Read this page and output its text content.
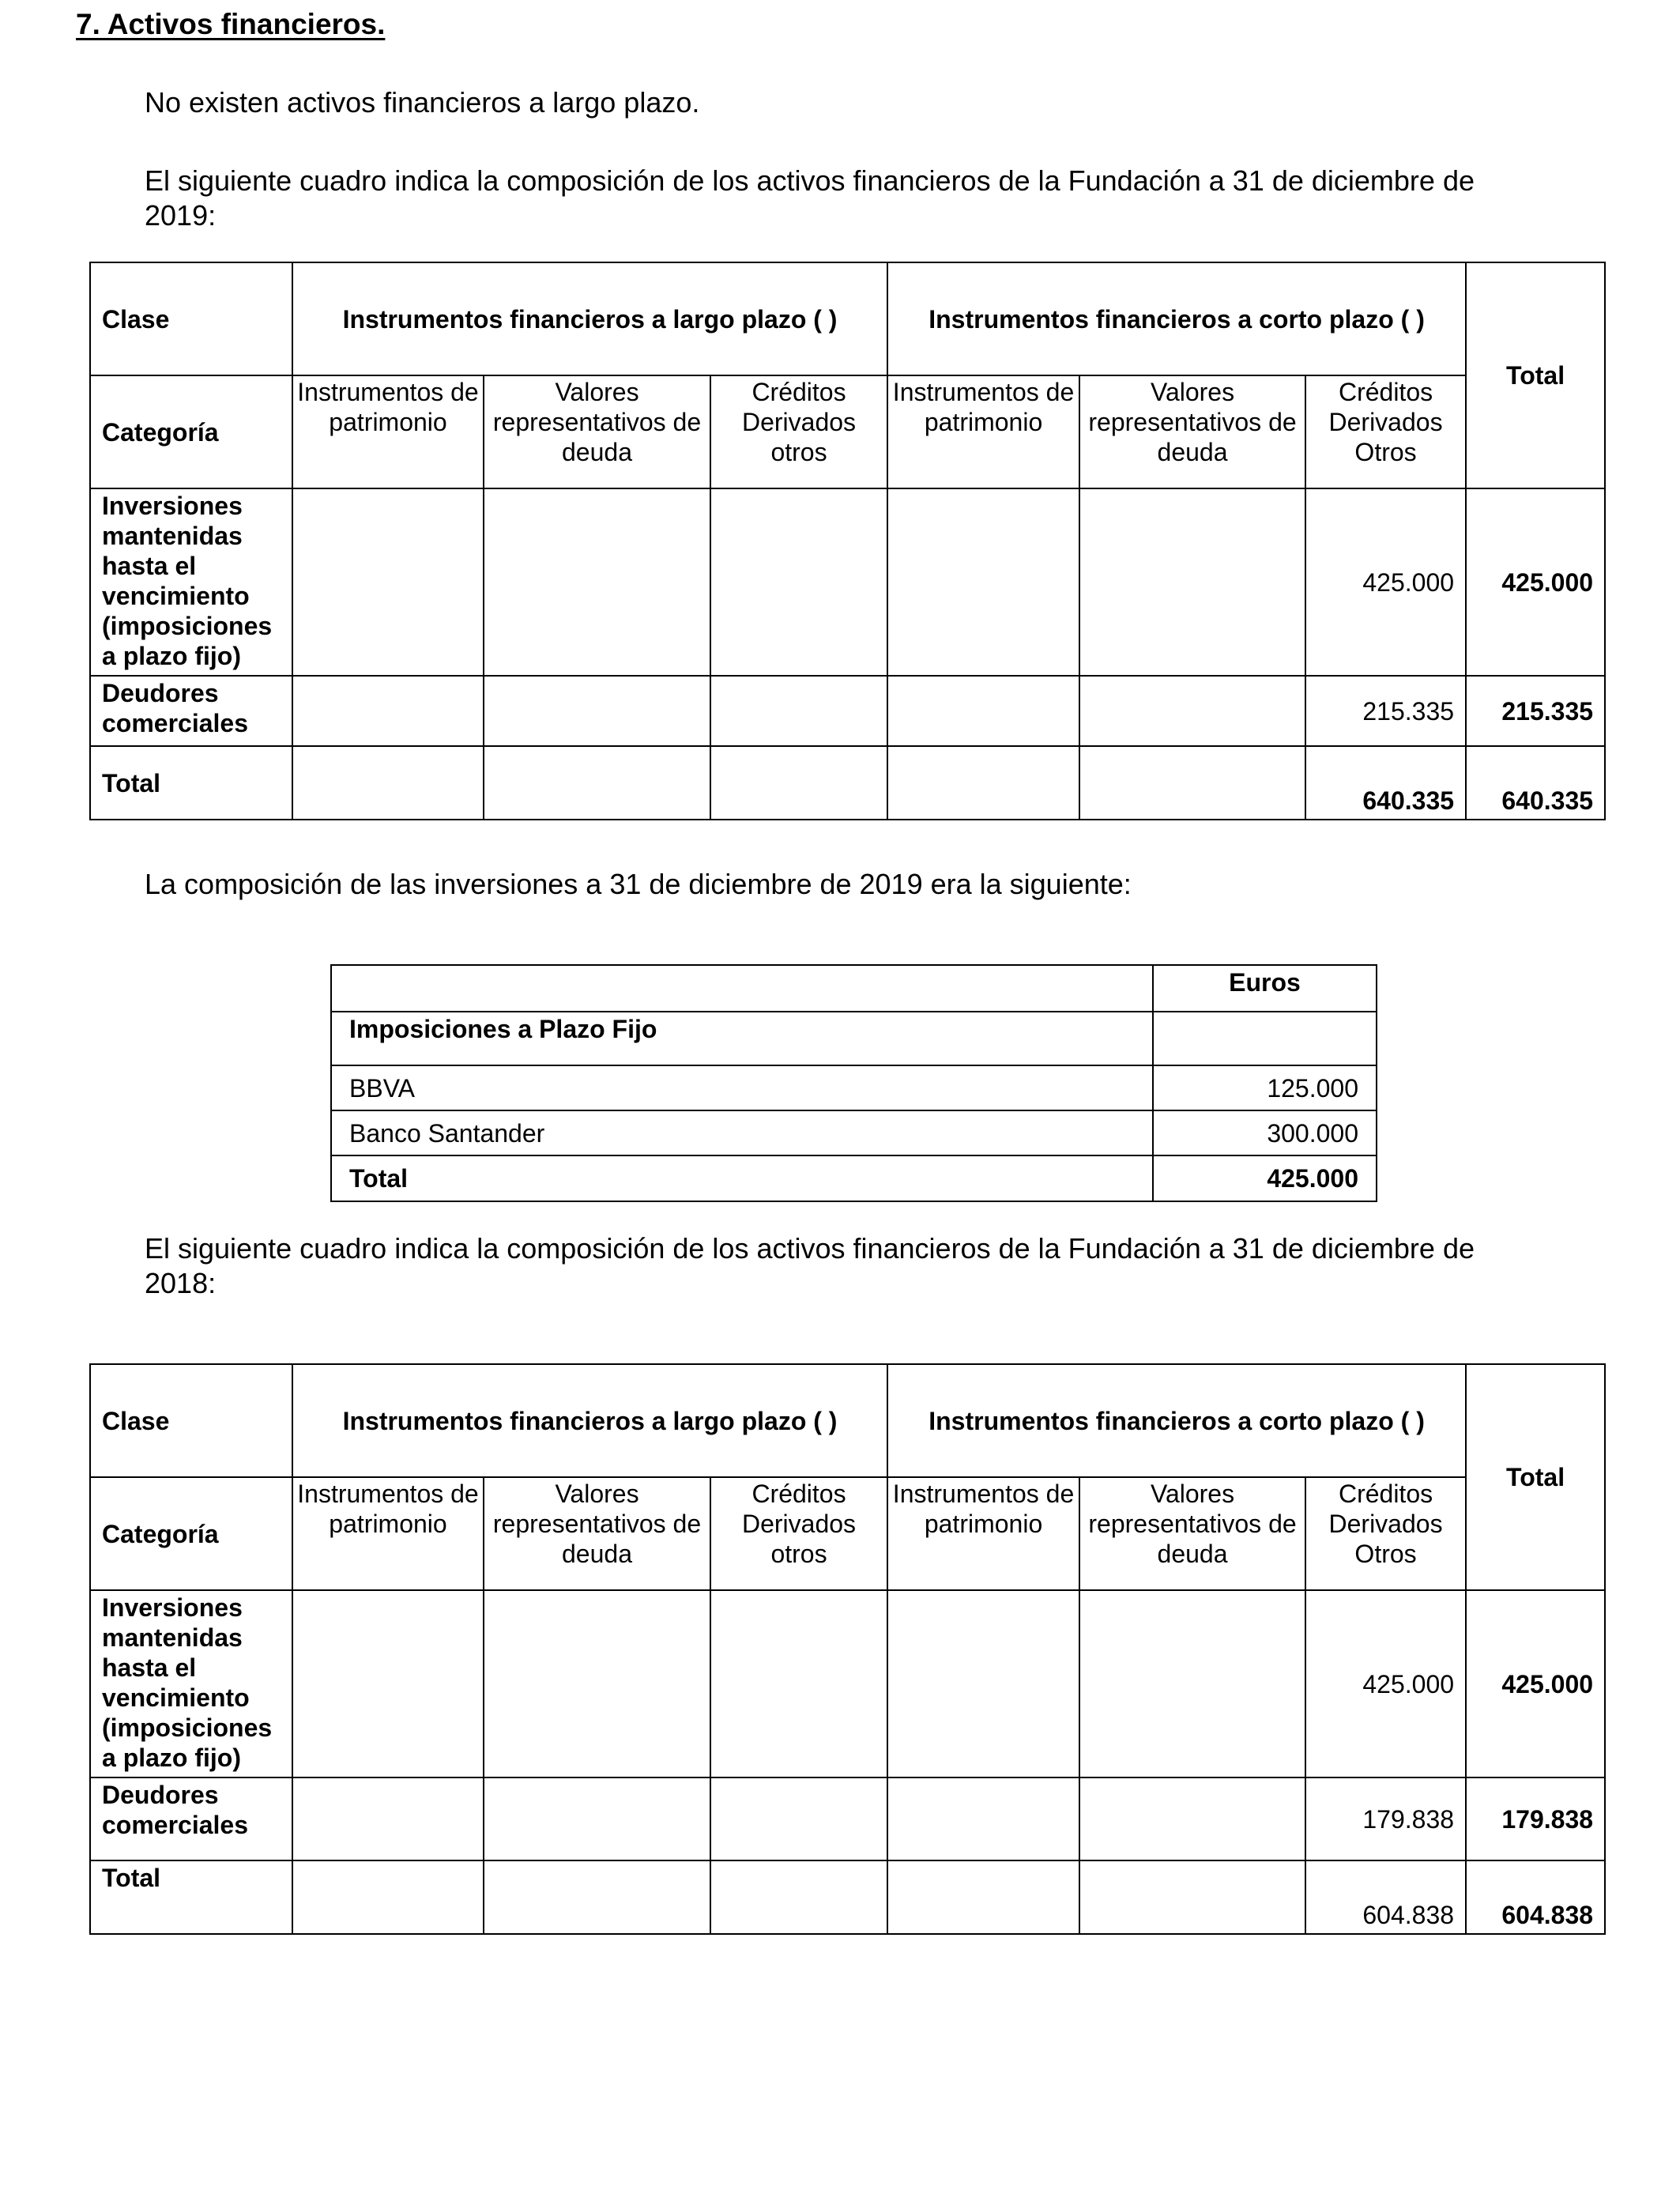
7. Activos financieros.
No existen activos financieros a largo plazo.
El siguiente cuadro indica la composición de los activos financieros de la Fundación a 31 de diciembre de 2019:
Clase	Instrumentos financieros a largo plazo ( )			Instrumentos financieros a corto plazo ( )			Total
Categoría	Instrumentos de patrimonio	Valores representativos de deuda	Créditos Derivados otros	Instrumentos de patrimonio	Valores representativos de deuda	Créditos Derivados Otros	
Inversiones mantenidas hasta el vencimiento (imposiciones a plazo fijo)						425.000	425.000
Deudores comerciales						215.335	215.335
Total						640.335	640.335
La composición de las inversiones a 31 de diciembre de 2019 era la siguiente:
	Euros
Imposiciones a Plazo Fijo	
BBVA	125.000
Banco Santander	300.000
Total	425.000
El siguiente cuadro indica la composición de los activos financieros de la Fundación a 31 de diciembre de 2018:
Clase	Instrumentos financieros a largo plazo ( )			Instrumentos financieros a corto plazo ( )			Total
Categoría	Instrumentos de patrimonio	Valores representativos de deuda	Créditos Derivados otros	Instrumentos de patrimonio	Valores representativos de deuda	Créditos Derivados Otros	
Inversiones mantenidas hasta el vencimiento (imposiciones a plazo fijo)						425.000	425.000
Deudores comerciales						179.838	179.838
Total						604.838	604.838
